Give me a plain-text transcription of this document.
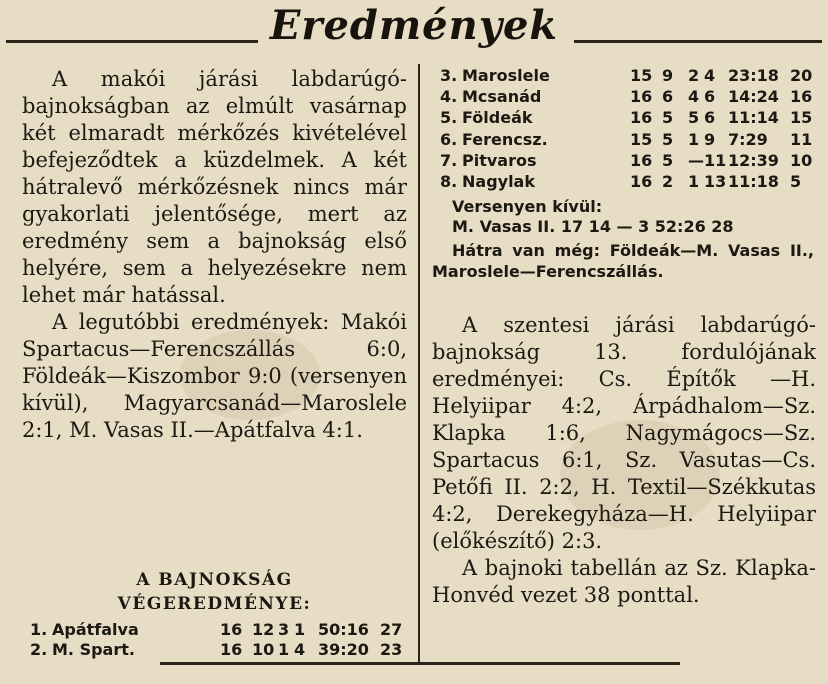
Eredmények

A makói járási labdarúgó-bajnokságban az elmúlt vasárnap két elmaradt mérkőzés kivételével befejeződtek a küzdelmek. A két hátralevő mérkőzésnek nincs már gyakorlati jelentősége, mert az eredmény sem a bajnokság első helyére, sem a helyezésekre nem lehet már hatással.

A legutóbbi eredmények: Makói Spartacus—Ferencszállás 6:0, Földeák—Kiszombor 9:0 (versenyen kívül), Magyarcsanád—Maroslele 2:1, M. Vasas II.—Apátfalva 4:1.

A BAJNOKSÁG
VÉGEREDMÉNYE:
1. Apátfalva	16 12 3 1 50:16 27
2. M. Spart.	16 10 1 4 39:20 23
3. Maroslele	15 9 2 4 23:18 20
4. Mcsanád	16 6 4 6 14:24 16
5. Földeák	16 5 5 6 11:14 15
6. Ferencsz.	15 5 1 9 7:29 11
7. Pitvaros	16 5 — 11 12:39 10
8. Nagylak	16 2 1 13 11:18 5
Versenyen kívül:
M. Vasas II. 17 14 — 3 52:26 28
Hátra van még: Földeák—M. Vasas II., Maroslele—Ferencszállás.

A szentesi járási labdarúgó-bajnokság 13. fordulójának eredményei: Cs. Építők —H. Helyiipar 4:2, Árpádhalom—Sz. Klapka 1:6, Nagymágocs—Sz. Spartacus 6:1, Sz. Vasutas—Cs. Petőfi II. 2:2, H. Textil—Székkutas 4:2, Derekegyháza—H. Helyiipar (előkészítő) 2:3.

A bajnoki tabellán az Sz. Klapka-Honvéd vezet 38 ponttal.
